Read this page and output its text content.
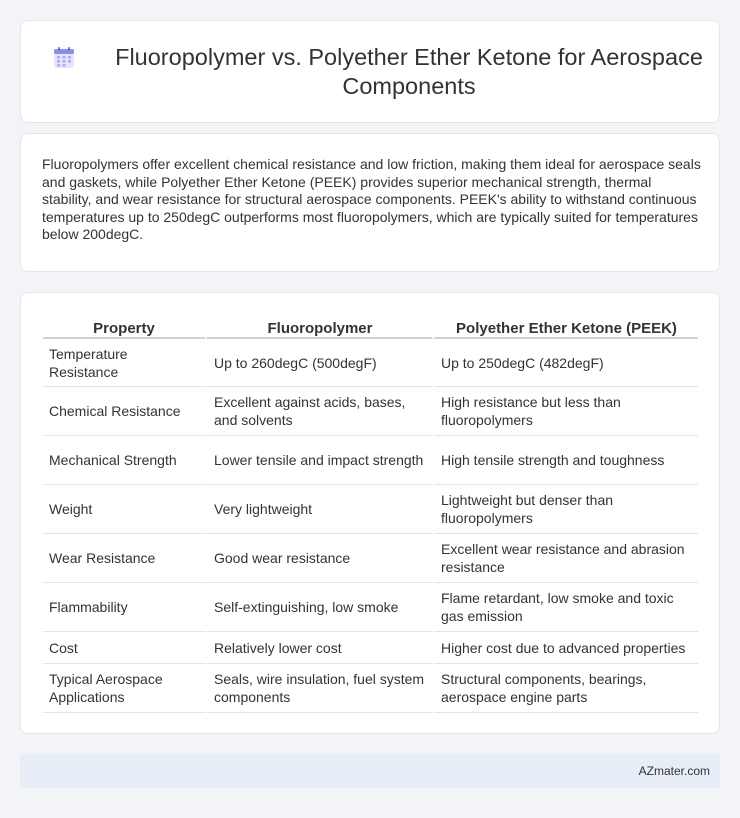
Fluoropolymer vs. Polyether Ether Ketone for Aerospace Components

Fluoropolymers offer excellent chemical resistance and low friction, making them ideal for aerospace seals and gaskets, while Polyether Ether Ketone (PEEK) provides superior mechanical strength, thermal stability, and wear resistance for structural aerospace components. PEEK's ability to withstand continuous temperatures up to 250degC outperforms most fluoropolymers, which are typically suited for temperatures below 200degC.

Property	Fluoropolymer	Polyether Ether Ketone (PEEK)
Temperature Resistance	Up to 260degC (500degF)	Up to 250degC (482degF)
Chemical Resistance	Excellent against acids, bases, and solvents	High resistance but less than fluoropolymers
Mechanical Strength	Lower tensile and impact strength	High tensile strength and toughness
Weight	Very lightweight	Lightweight but denser than fluoropolymers
Wear Resistance	Good wear resistance	Excellent wear resistance and abrasion resistance
Flammability	Self-extinguishing, low smoke	Flame retardant, low smoke and toxic gas emission
Cost	Relatively lower cost	Higher cost due to advanced properties
Typical Aerospace Applications	Seals, wire insulation, fuel system components	Structural components, bearings, aerospace engine parts
AZmater.com
